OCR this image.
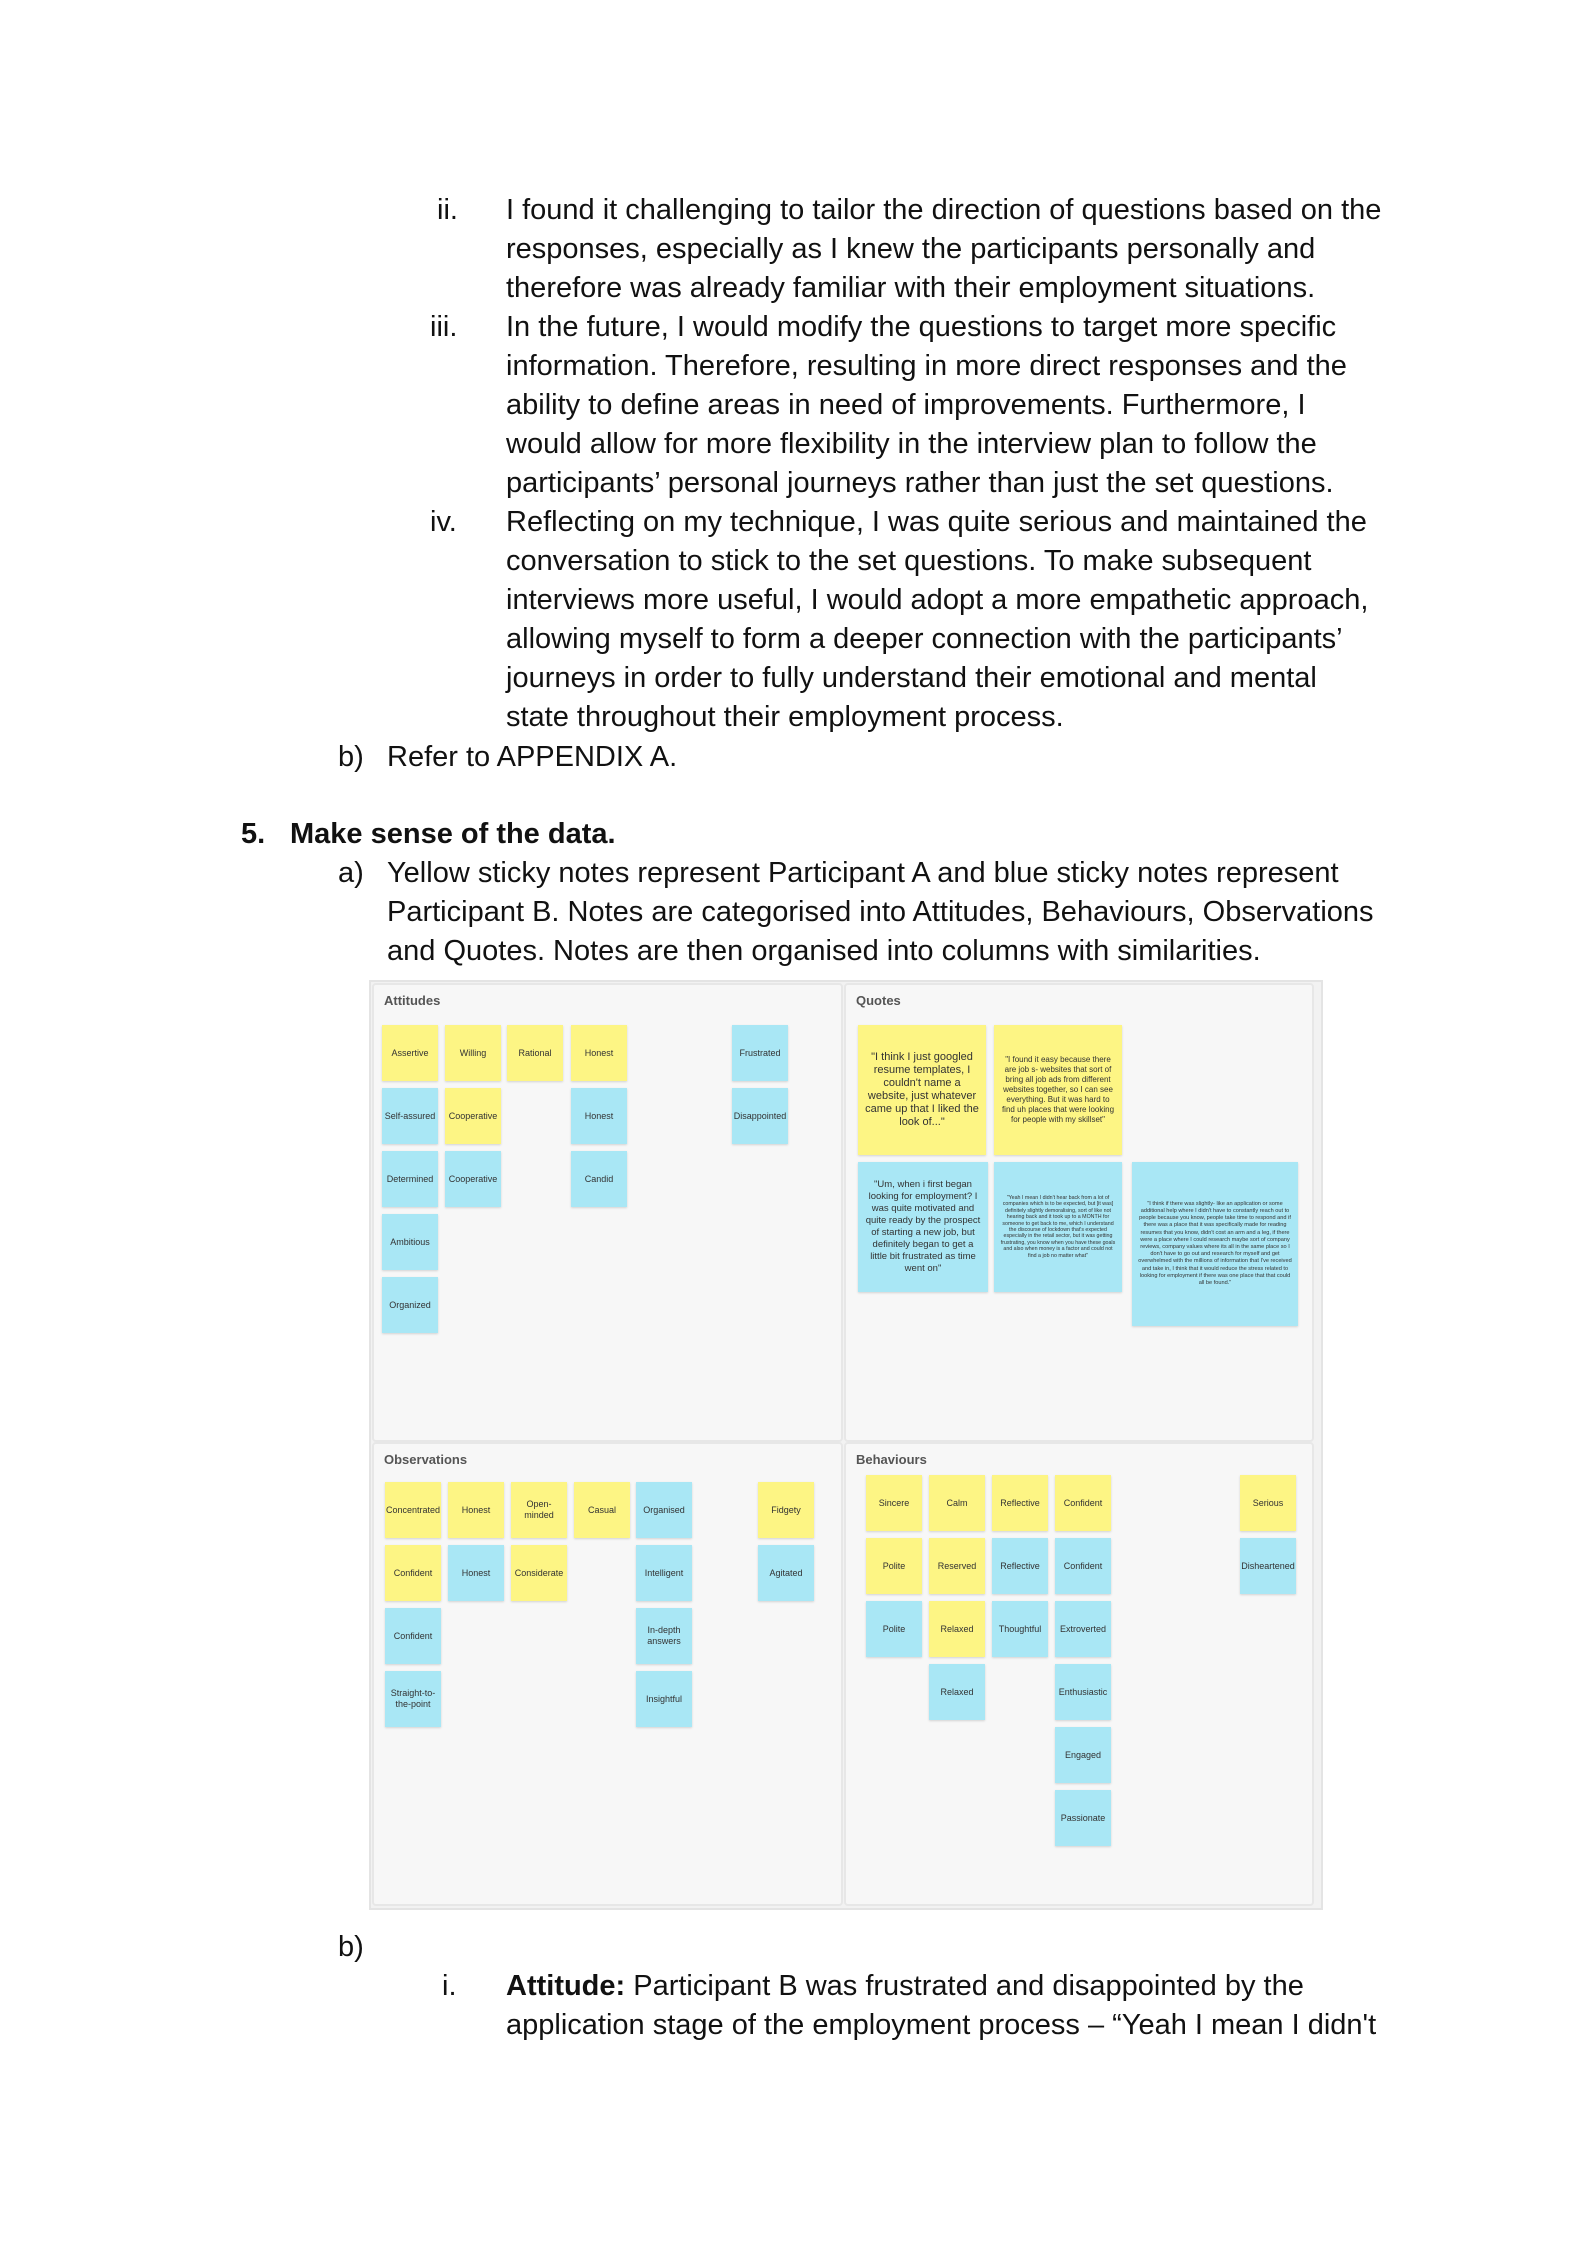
ii. I found it challenging to tailor the direction of questions based on the
responses, especially as I knew the participants personally and
therefore was already familiar with their employment situations.
iii. In the future, I would modify the questions to target more specific
information. Therefore, resulting in more direct responses and the
ability to define areas in need of improvements. Furthermore, I
would allow for more flexibility in the interview plan to follow the
participants’ personal journeys rather than just the set questions.
iv. Reflecting on my technique, I was quite serious and maintained the
conversation to stick to the set questions. To make subsequent
interviews more useful, I would adopt a more empathetic approach,
allowing myself to form a deeper connection with the participants’
journeys in order to fully understand their emotional and mental
state throughout their employment process.
b) Refer to APPENDIX A.
5. Make sense of the data.
a) Yellow sticky notes represent Participant A and blue sticky notes represent
Participant B. Notes are categorised into Attitudes, Behaviours, Observations
and Quotes. Notes are then organised into columns with similarities.
Attitudes
Assertive	Willing	Rational	Honest	Frustrated
Self-assured	Cooperative	Honest	Disappointed
Determined	Cooperative	Candid
Ambitious
Organized
Quotes
"I think I just googled resume templates, I couldn't name a website, just whatever came up that I liked the look of..."
"I found it easy because there are job s- websites that sort of bring all job ads from different websites together, so I can see everything. But it was hard to find uh places that were looking for people with my skillset"
"Um, when i first began looking for employment? I was quite motivated and quite ready by the prospect of starting a new job, but definitely began to get a little bit frustrated as time went on"
"Yeah I mean I didn't hear back from a lot of companies which is to be expected, but [it was] definitely slightly demoralising, sort of like not hearing back and it took up to a MONTH for someone to get back to me, which I understand the discourse of lockdown that's expected especially in the retail sector, but it was getting frustrating, you know when you have these goals and also when money is a factor and could not find a job no matter what"
"I think if there was slightly- like an application or some additional help where I didn't have to constantly reach out to people because you know, people take time to respond and if there was a place that it was specifically made for reading resumes that you know, didn't cost an arm and a leg, if there were a place where I could research maybe sort of company reviews, company values where its all in the same place so I don't have to go out and research for myself and get overwhelmed with the millions of information that I've received and take in, I think that it would reduce the stress related to looking for employment if there was one place that that could all be found."
Observations
Concentrated	Honest
Open-minded
Casual	Organised	Fidgety
Confident	Honest	Considerate	Intelligent	Agitated
Confident
In-depth answers
Straight-to-the-point
Insightful
Behaviours
Sincere	Calm	Reflective	Confident	Serious
Polite	Reserved	Reflective	Confident	Disheartened
Polite	Relaxed	Thoughtful	Extroverted
Relaxed	Enthusiastic
Engaged
Passionate
b)
i. Attitude: Participant B was frustrated and disappointed by the
application stage of the employment process – “Yeah I mean I didn't
